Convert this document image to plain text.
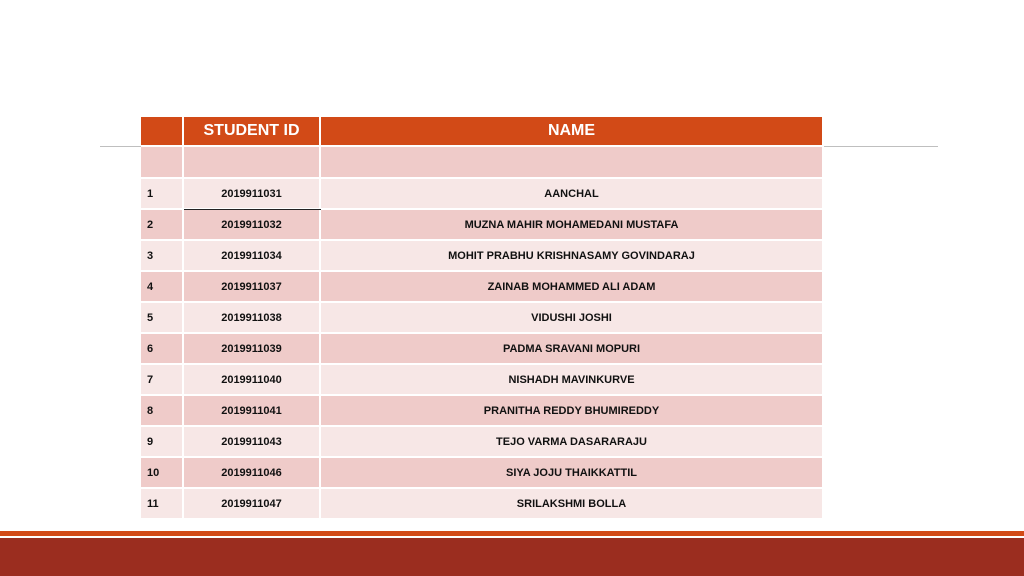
	STUDENT ID	NAME

1	2019911031	AANCHAL
2	2019911032	MUZNA MAHIR MOHAMEDANI MUSTAFA
3	2019911034	MOHIT PRABHU KRISHNASAMY GOVINDARAJ
4	2019911037	ZAINAB MOHAMMED ALI ADAM
5	2019911038	VIDUSHI JOSHI
6	2019911039	PADMA SRAVANI MOPURI
7	2019911040	NISHADH MAVINKURVE
8	2019911041	PRANITHA REDDY BHUMIREDDY
9	2019911043	TEJO VARMA DASARARAJU
10	2019911046	SIYA JOJU THAIKKATTIL
11	2019911047	SRILAKSHMI BOLLA
